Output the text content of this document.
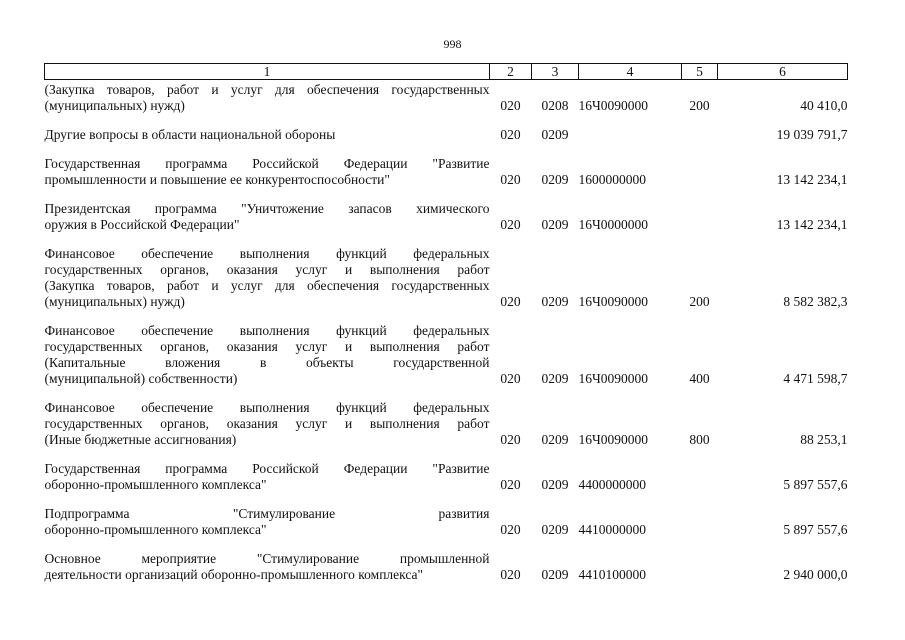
998
1	2	3	4	5	6

(Закупка товаров, работ и услуг для обеспечения государственных
(муниципальных) нужд)	020	0208	16Ч0090000	200	40 410,0

Другие вопросы в области национальной обороны	020	0209			19 039 791,7

Государственная программа Российской Федерации "Развитие
промышленности и повышение ее конкурентоспособности"	020	0209	1600000000		13 142 234,1

Президентская программа "Уничтожение запасов химического
оружия в Российской Федерации"	020	0209	16Ч0000000		13 142 234,1

Финансовое обеспечение выполнения функций федеральных
государственных органов, оказания услуг и выполнения работ
(Закупка товаров, работ и услуг для обеспечения государственных
(муниципальных) нужд)	020	0209	16Ч0090000	200	8 582 382,3

Финансовое обеспечение выполнения функций федеральных
государственных органов, оказания услуг и выполнения работ
(Капитальные вложения в объекты государственной
(муниципальной) собственности)	020	0209	16Ч0090000	400	4 471 598,7

Финансовое обеспечение выполнения функций федеральных
государственных органов, оказания услуг и выполнения работ
(Иные бюджетные ассигнования)	020	0209	16Ч0090000	800	88 253,1

Государственная программа Российской Федерации "Развитие
оборонно-промышленного комплекса"	020	0209	4400000000		5 897 557,6

Подпрограмма "Стимулирование развития
оборонно-промышленного комплекса"	020	0209	4410000000		5 897 557,6

Основное мероприятие "Стимулирование промышленной
деятельности организаций оборонно-промышленного комплекса"	020	0209	4410100000		2 940 000,0
